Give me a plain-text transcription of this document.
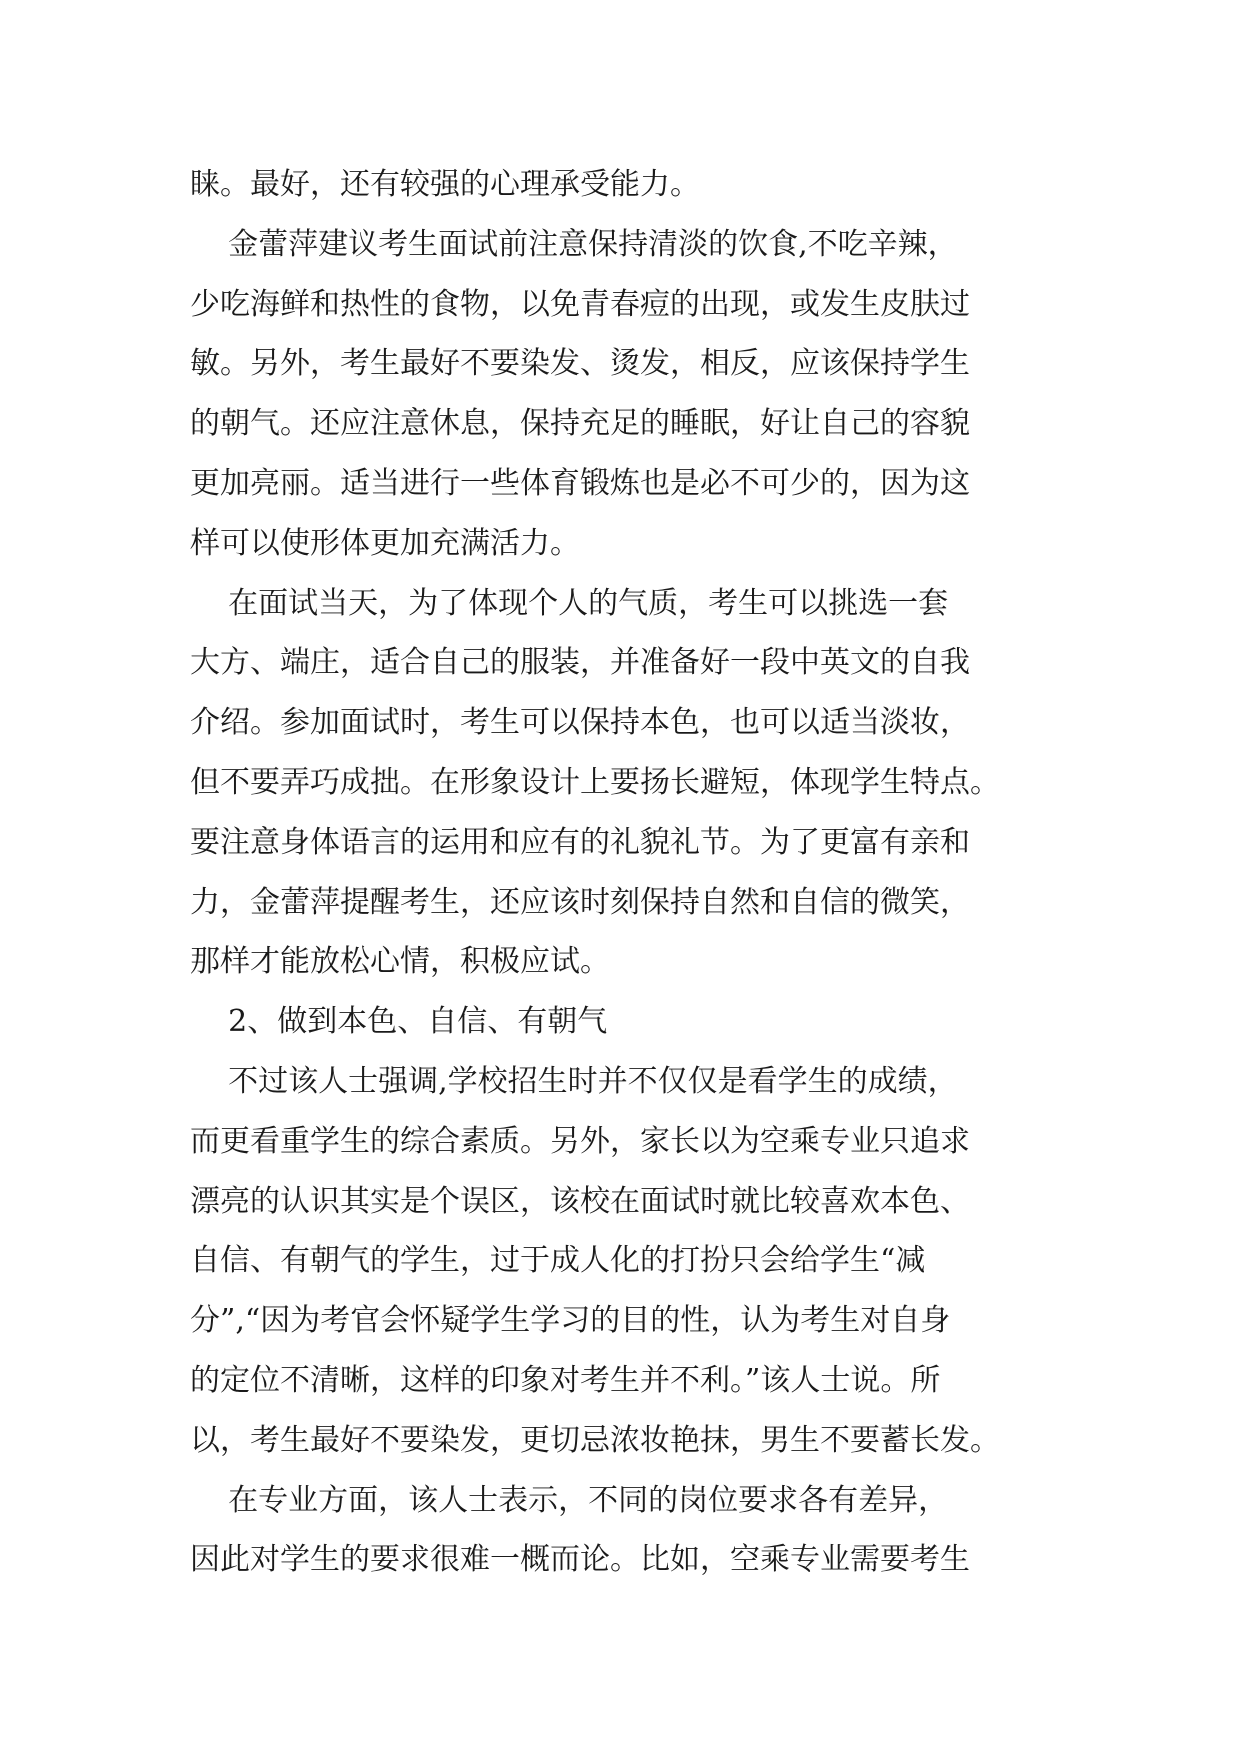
睐。最好，还有较强的心理承受能力。
金蕾萍建议考生面试前注意保持清淡的饮食,不吃辛辣，
少吃海鲜和热性的食物，以免青春痘的出现，或发生皮肤过
敏。另外，考生最好不要染发、烫发，相反，应该保持学生
的朝气。还应注意休息，保持充足的睡眠，好让自己的容貌
更加亮丽。适当进行一些体育锻炼也是必不可少的，因为这
样可以使形体更加充满活力。
在面试当天，为了体现个人的气质，考生可以挑选一套
大方、端庄，适合自己的服装，并准备好一段中英文的自我
介绍。参加面试时，考生可以保持本色，也可以适当淡妆，
但不要弄巧成拙。在形象设计上要扬长避短，体现学生特点。
要注意身体语言的运用和应有的礼貌礼节。为了更富有亲和
力，金蕾萍提醒考生，还应该时刻保持自然和自信的微笑，
那样才能放松心情，积极应试。
2、做到本色、自信、有朝气
不过该人士强调,学校招生时并不仅仅是看学生的成绩，
而更看重学生的综合素质。另外，家长以为空乘专业只追求
漂亮的认识其实是个误区，该校在面试时就比较喜欢本色、
自信、有朝气的学生，过于成人化的打扮只会给学生“减
分”,“因为考官会怀疑学生学习的目的性，认为考生对自身
的定位不清晰，这样的印象对考生并不利。”该人士说。所
以，考生最好不要染发，更切忌浓妆艳抹，男生不要蓄长发。
在专业方面，该人士表示，不同的岗位要求各有差异，
因此对学生的要求很难一概而论。比如，空乘专业需要考生
